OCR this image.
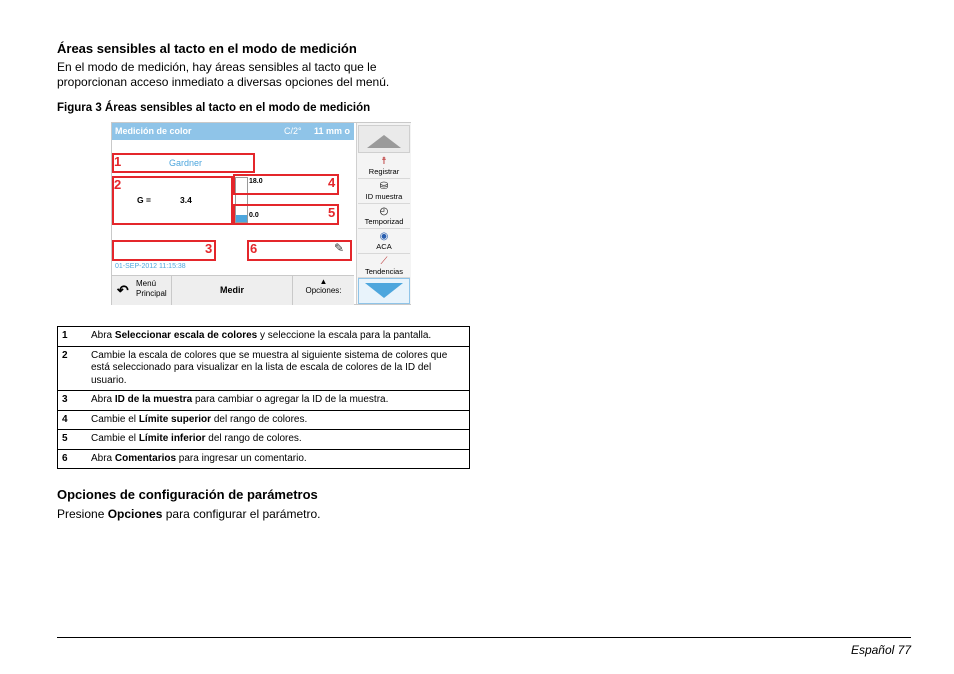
Áreas sensibles al tacto en el modo de medición
En el modo de medición, hay áreas sensibles al tacto que le
proporcionan acceso inmediato a diversas opciones del menú.
Figura 3 Áreas sensibles al tacto en el modo de medición
Medición de color	C/2° 11 mm o
1	Gardner
2
G =	3.4
18.0	4
0.0	5
3	6	✎
01-SEP-2012 11:15:38
↶ Menú
Principal	Medir
▲
Opciones:
☨
Registrar
⛁
ID muestra
◴
Temporizad
◉
ACA
⟋
Tendencias
1	Abra Seleccionar escala de colores y seleccione la escala para la pantalla.
2	Cambie la escala de colores que se muestra al siguiente sistema de colores que está seleccionado para visualizar en la lista de escala de colores de la ID del usuario.
3	Abra ID de la muestra para cambiar o agregar la ID de la muestra.
4	Cambie el Límite superior del rango de colores.
5	Cambie el Límite inferior del rango de colores.
6	Abra Comentarios para ingresar un comentario.
Opciones de configuración de parámetros
Presione Opciones para configurar el parámetro.
Español 77
